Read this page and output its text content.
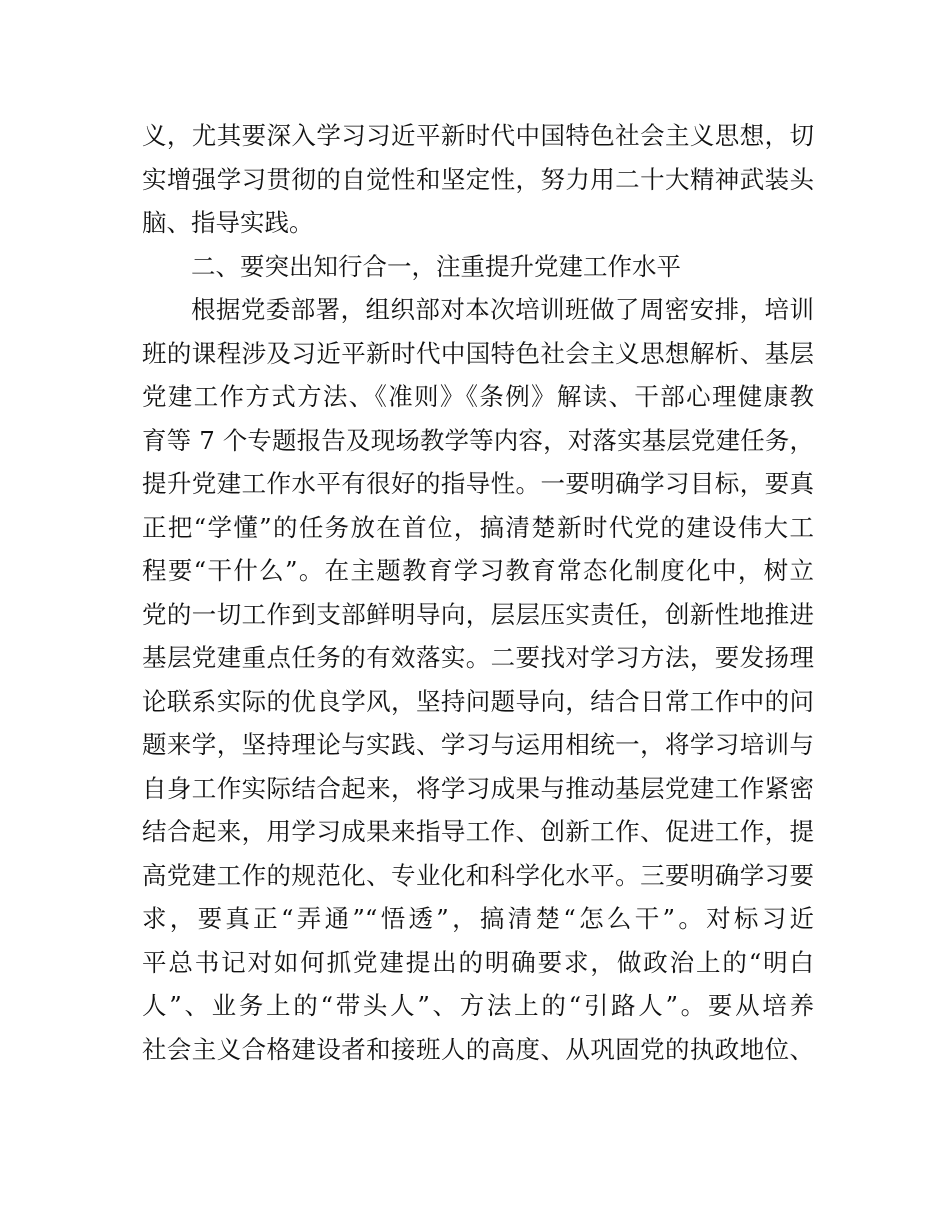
义，尤其要深入学习习近平新时代中国特色社会主义思想，切
实增强学习贯彻的自觉性和坚定性，努力用二十大精神武装头
脑、指导实践。
二、要突出知行合一，注重提升党建工作水平
根据党委部署，组织部对本次培训班做了周密安排，培训
班的课程涉及习近平新时代中国特色社会主义思想解析、基层
党建工作方式方法、《准则》《条例》解读、干部心理健康教
育等 7 个专题报告及现场教学等内容，对落实基层党建任务，
提升党建工作水平有很好的指导性。一要明确学习目标，要真
正把“学懂”的任务放在首位，搞清楚新时代党的建设伟大工
程要“干什么”。在主题教育学习教育常态化制度化中，树立
党的一切工作到支部鲜明导向，层层压实责任，创新性地推进
基层党建重点任务的有效落实。二要找对学习方法，要发扬理
论联系实际的优良学风，坚持问题导向，结合日常工作中的问
题来学，坚持理论与实践、学习与运用相统一，将学习培训与
自身工作实际结合起来，将学习成果与推动基层党建工作紧密
结合起来，用学习成果来指导工作、创新工作、促进工作，提
高党建工作的规范化、专业化和科学化水平。三要明确学习要
求，要真正“弄通”“悟透”，搞清楚“怎么干”。对标习近
平总书记对如何抓党建提出的明确要求，做政治上的“明白
人”、业务上的“带头人”、方法上的“引路人”。要从培养
社会主义合格建设者和接班人的高度、从巩固党的执政地位、
